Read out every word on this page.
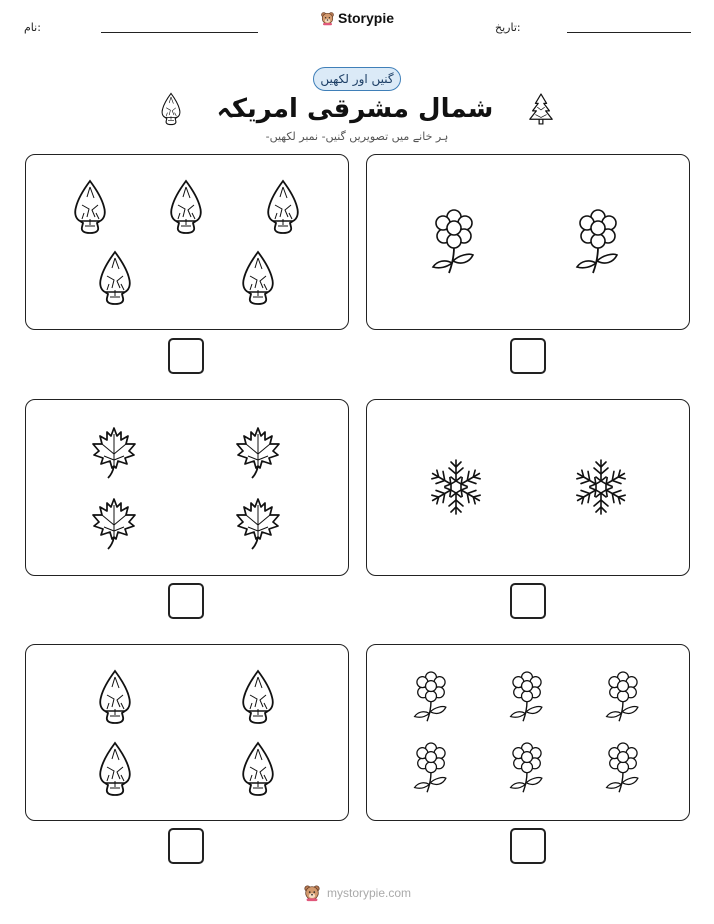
نام:
Storypie
تاریخ:
گنیں اور لکھیں
شمال مشرقی امریکہ
ہر خانے میں تصویریں گنیں- نمبر لکھیں-
mystorypie.com
